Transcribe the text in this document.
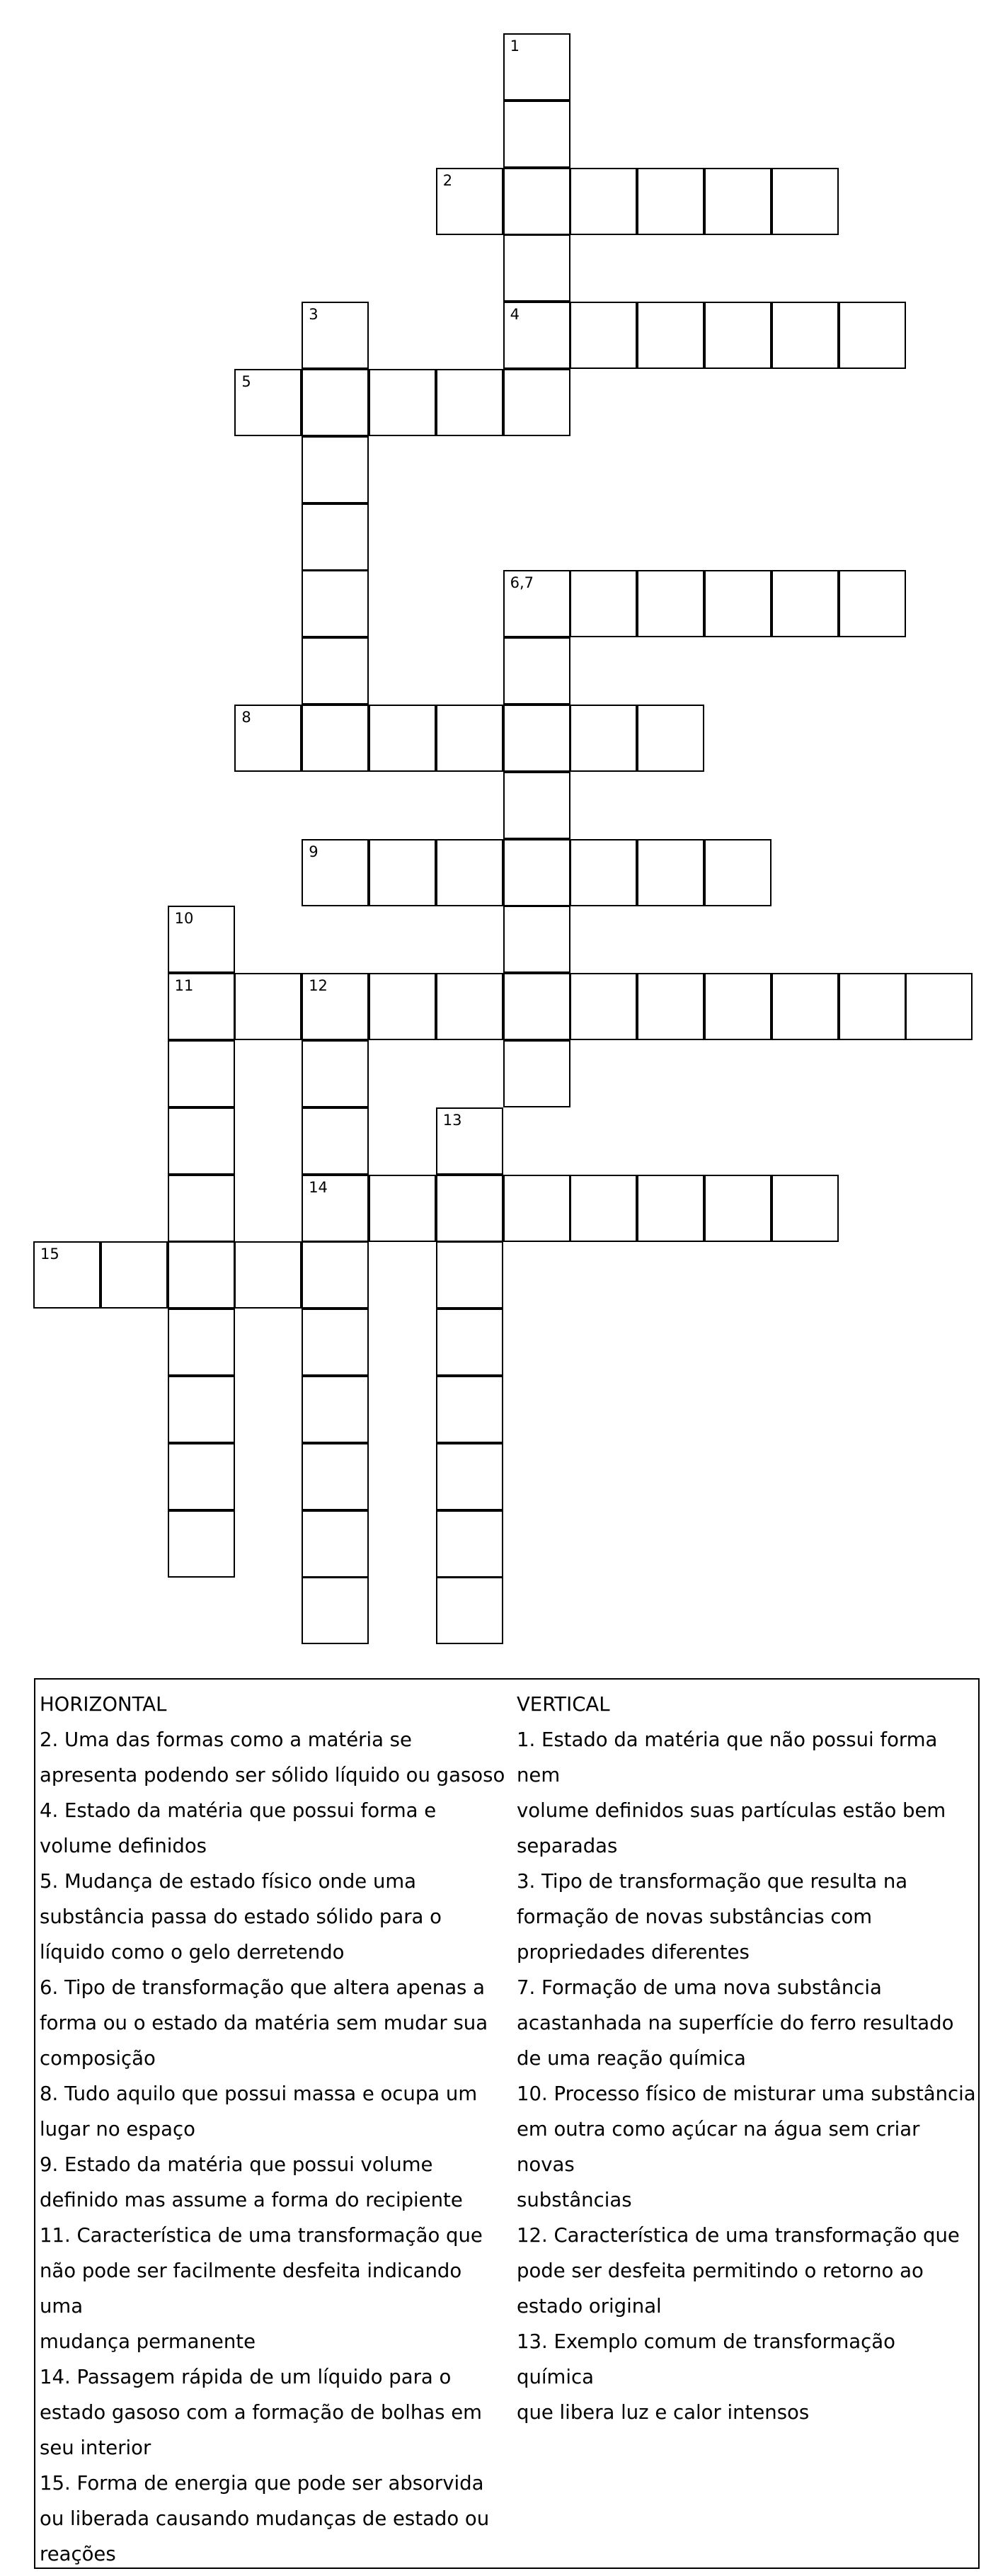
1
2
3	4
5
6,7
8
9
10
11	12
13
14
15
HORIZONTAL
2. Uma das formas como a matéria se
apresenta podendo ser sólido líquido ou gasoso
4. Estado da matéria que possui forma e
volume definidos
5. Mudança de estado físico onde uma
substância passa do estado sólido para o
líquido como o gelo derretendo
6. Tipo de transformação que altera apenas a
forma ou o estado da matéria sem mudar sua
composição
8. Tudo aquilo que possui massa e ocupa um
lugar no espaço
9. Estado da matéria que possui volume
definido mas assume a forma do recipiente
11. Característica de uma transformação que
não pode ser facilmente desfeita indicando uma
mudança permanente
14. Passagem rápida de um líquido para o
estado gasoso com a formação de bolhas em
seu interior
15. Forma de energia que pode ser absorvida
ou liberada causando mudanças de estado ou
reações
VERTICAL
1. Estado da matéria que não possui forma nem
volume definidos suas partículas estão bem
separadas
3. Tipo de transformação que resulta na
formação de novas substâncias com
propriedades diferentes
7. Formação de uma nova substância
acastanhada na superfície do ferro resultado
de uma reação química
10. Processo físico de misturar uma substância
em outra como açúcar na água sem criar novas
substâncias
12. Característica de uma transformação que
pode ser desfeita permitindo o retorno ao
estado original
13. Exemplo comum de transformação química
que libera luz e calor intensos
